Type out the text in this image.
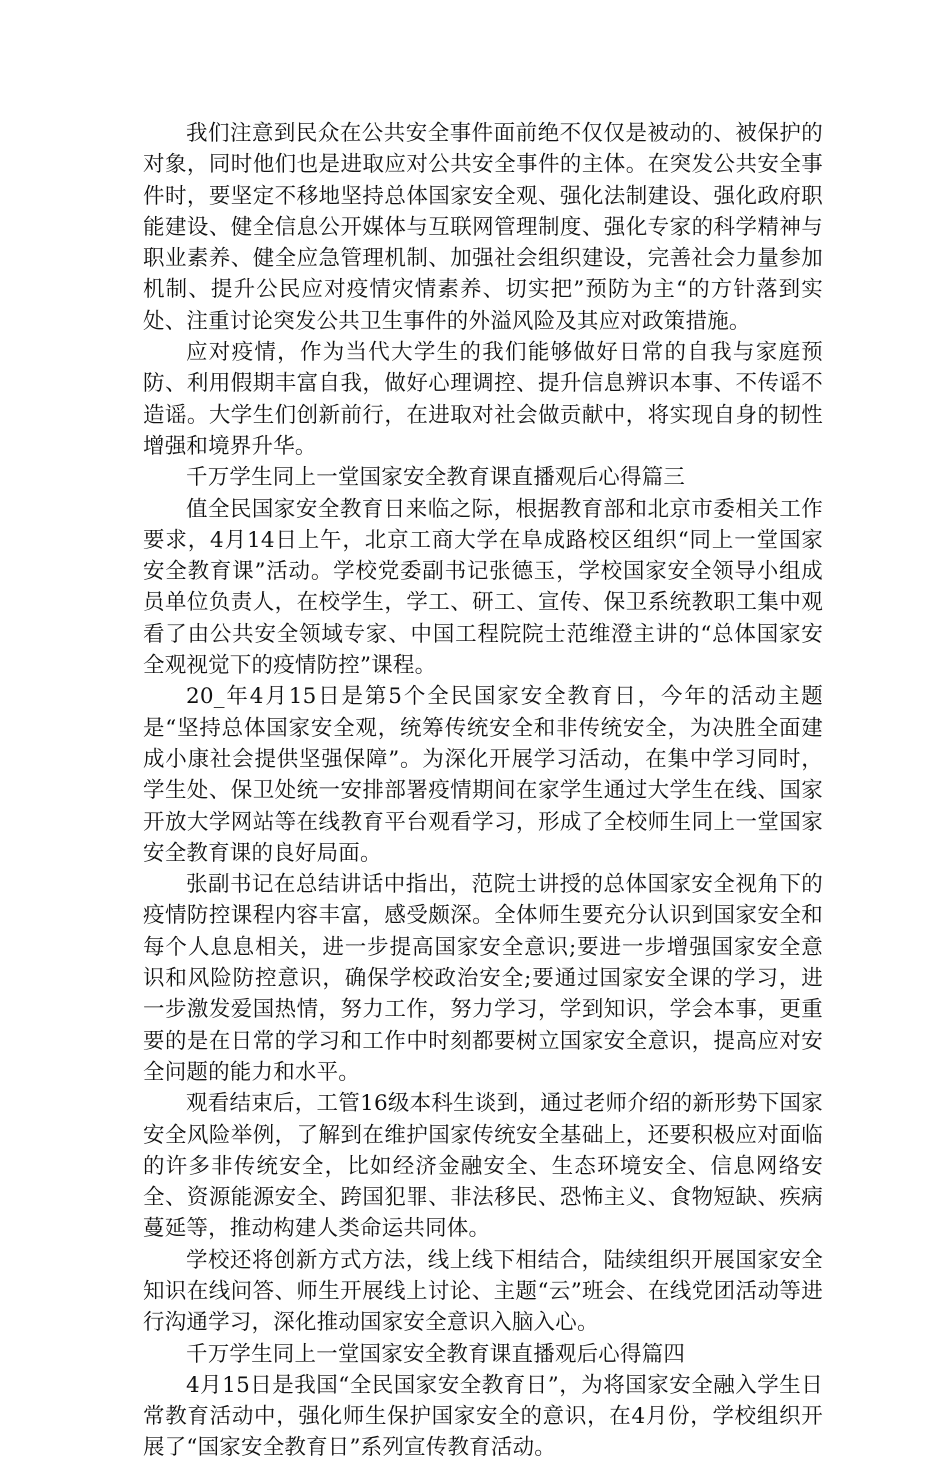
我们注意到民众在公共安全事件面前绝不仅仅是被动的、被保护的对象，同时他们也是进取应对公共安全事件的主体。在突发公共安全事件时，要坚定不移地坚持总体国家安全观、强化法制建设、强化政府职能建设、健全信息公开媒体与互联网管理制度、强化专家的科学精神与职业素养、健全应急管理机制、加强社会组织建设，完善社会力量参加机制、提升公民应对疫情灾情素养、切实把”预防为主“的方针落到实处、注重讨论突发公共卫生事件的外溢风险及其应对政策措施。

应对疫情，作为当代大学生的我们能够做好日常的自我与家庭预防、利用假期丰富自我，做好心理调控、提升信息辨识本事、不传谣不造谣。大学生们创新前行，在进取对社会做贡献中，将实现自身的韧性增强和境界升华。

千万学生同上一堂国家安全教育课直播观后心得篇三

值全民国家安全教育日来临之际，根据教育部和北京市委相关工作要求，4月14日上午，北京工商大学在阜成路校区组织“同上一堂国家安全教育课”活动。学校党委副书记张德玉，学校国家安全领导小组成员单位负责人，在校学生，学工、研工、宣传、保卫系统教职工集中观看了由公共安全领域专家、中国工程院院士范维澄主讲的“总体国家安全观视觉下的疫情防控”课程。

20_年4月15日是第5个全民国家安全教育日，今年的活动主题是“坚持总体国家安全观，统筹传统安全和非传统安全，为决胜全面建成小康社会提供坚强保障”。为深化开展学习活动，在集中学习同时，学生处、保卫处统一安排部署疫情期间在家学生通过大学生在线、国家开放大学网站等在线教育平台观看学习，形成了全校师生同上一堂国家安全教育课的良好局面。

张副书记在总结讲话中指出，范院士讲授的总体国家安全视角下的疫情防控课程内容丰富，感受颇深。全体师生要充分认识到国家安全和每个人息息相关，进一步提高国家安全意识;要进一步增强国家安全意识和风险防控意识，确保学校政治安全;要通过国家安全课的学习，进一步激发爱国热情，努力工作，努力学习，学到知识，学会本事，更重要的是在日常的学习和工作中时刻都要树立国家安全意识，提高应对安全问题的能力和水平。

观看结束后，工管16级本科生谈到，通过老师介绍的新形势下国家安全风险举例，了解到在维护国家传统安全基础上，还要积极应对面临的许多非传统安全，比如经济金融安全、生态环境安全、信息网络安全、资源能源安全、跨国犯罪、非法移民、恐怖主义、食物短缺、疾病蔓延等，推动构建人类命运共同体。

学校还将创新方式方法，线上线下相结合，陆续组织开展国家安全知识在线问答、师生开展线上讨论、主题“云”班会、在线党团活动等进行沟通学习，深化推动国家安全意识入脑入心。

千万学生同上一堂国家安全教育课直播观后心得篇四

4月15日是我国“全民国家安全教育日”，为将国家安全融入学生日常教育活动中，强化师生保护国家安全的意识，在4月份，学校组织开展了“国家安全教育日”系列宣传教育活动。
